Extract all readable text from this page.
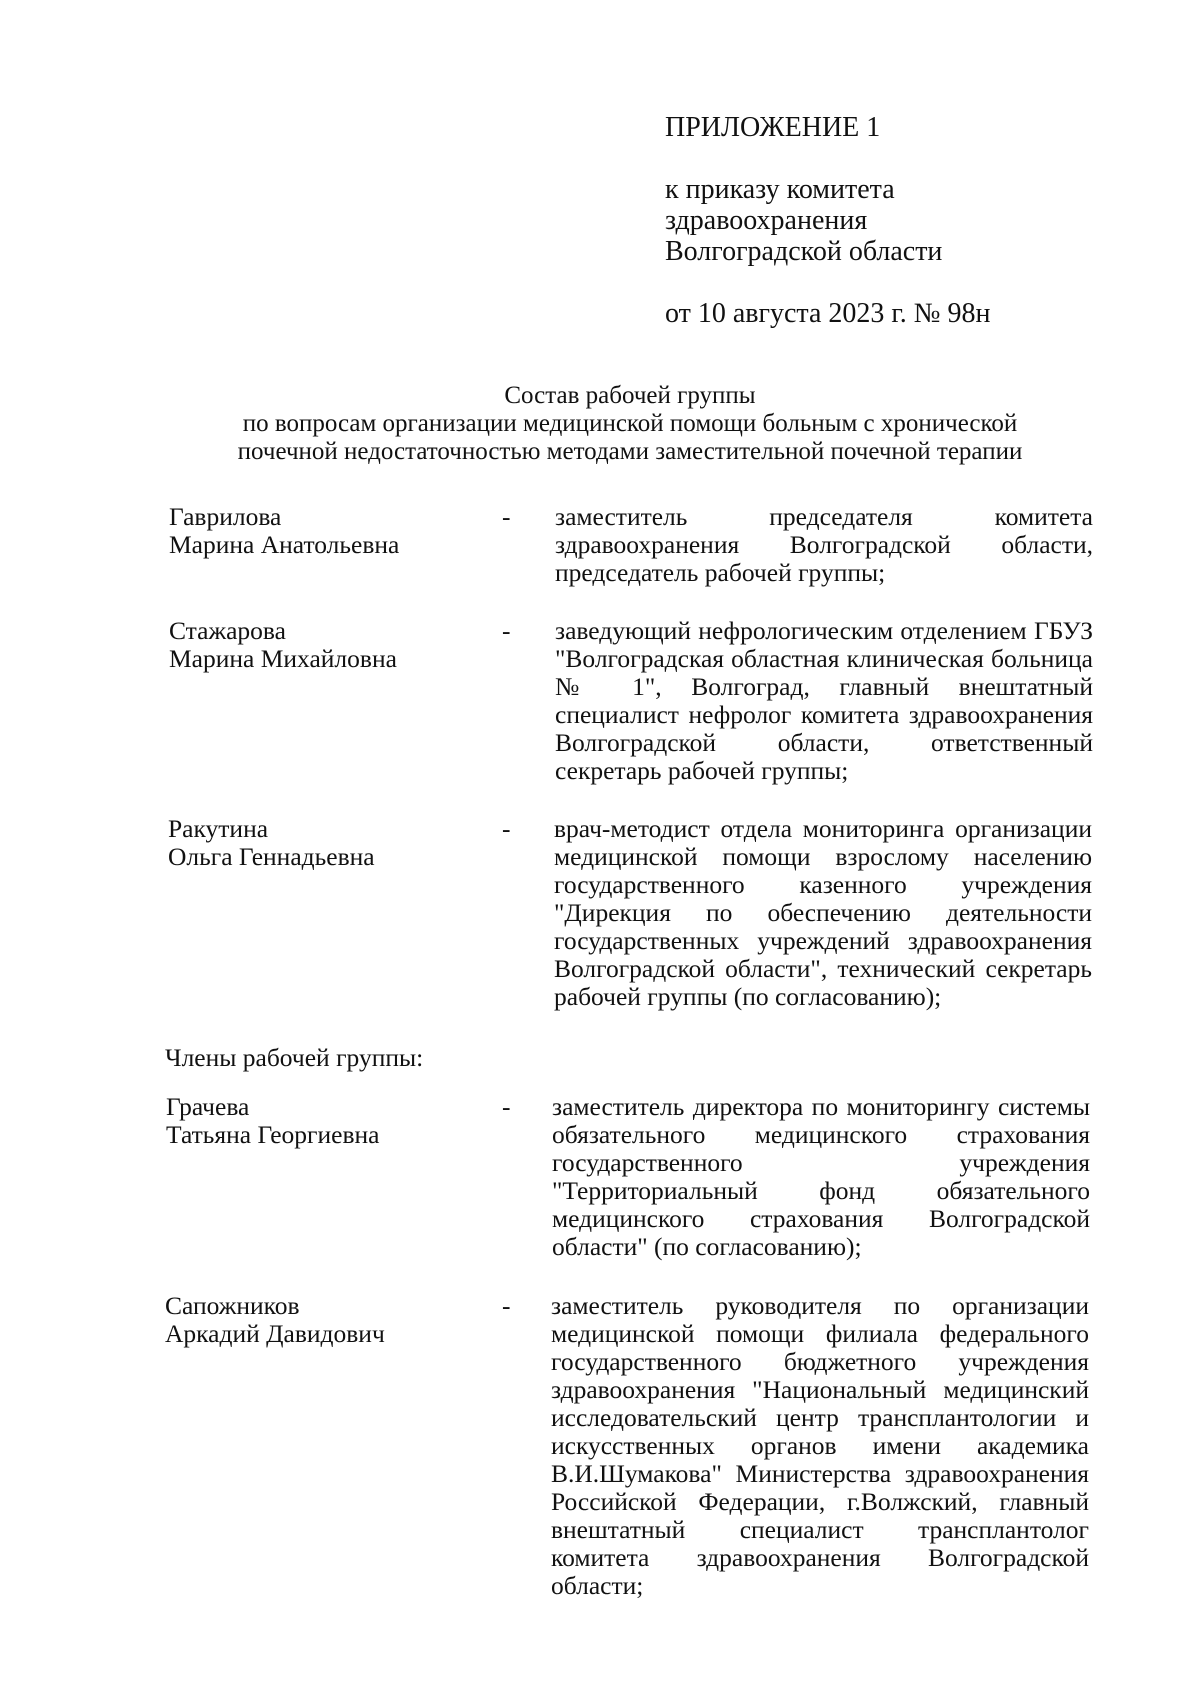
ПРИЛОЖЕНИЕ 1
к приказу комитета
здравоохранения
Волгоградской области
от 10 августа 2023 г. № 98н
Состав рабочей группы
по вопросам организации медицинской помощи больным с хронической
почечной недостаточностью методами заместительной почечной терапии
Гаврилова
Марина Анатольевна
- заместитель председателя комитета здравоохранения Волгоградской области, председатель рабочей группы;
Стажарова
Марина Михайловна
- заведующий нефрологическим отделением ГБУЗ "Волгоградская областная клиническая больница № 1", Волгоград, главный внештатный специалист нефролог комитета здравоохранения Волгоградской области, ответственный секретарь рабочей группы;
Ракутина
Ольга Геннадьевна
- врач-методист отдела мониторинга организации медицинской помощи взрослому населению государственного казенного учреждения "Дирекция по обеспечению деятельности государственных учреждений здравоохранения Волгоградской области", технический секретарь рабочей группы (по согласованию);
Члены рабочей группы:
Грачева
Татьяна Георгиевна
- заместитель директора по мониторингу системы обязательного медицинского страхования государственного учреждения "Территориальный фонд обязательного медицинского страхования Волгоградской области" (по согласованию);
Сапожников
Аркадий Давидович
- заместитель руководителя по организации медицинской помощи филиала федерального государственного бюджетного учреждения здравоохранения "Национальный медицинский исследовательский центр трансплантологии и искусственных органов имени академика В.И.Шумакова" Министерства здравоохранения Российской Федерации, г.Волжский, главный внештатный специалист трансплантолог комитета здравоохранения Волгоградской области;
